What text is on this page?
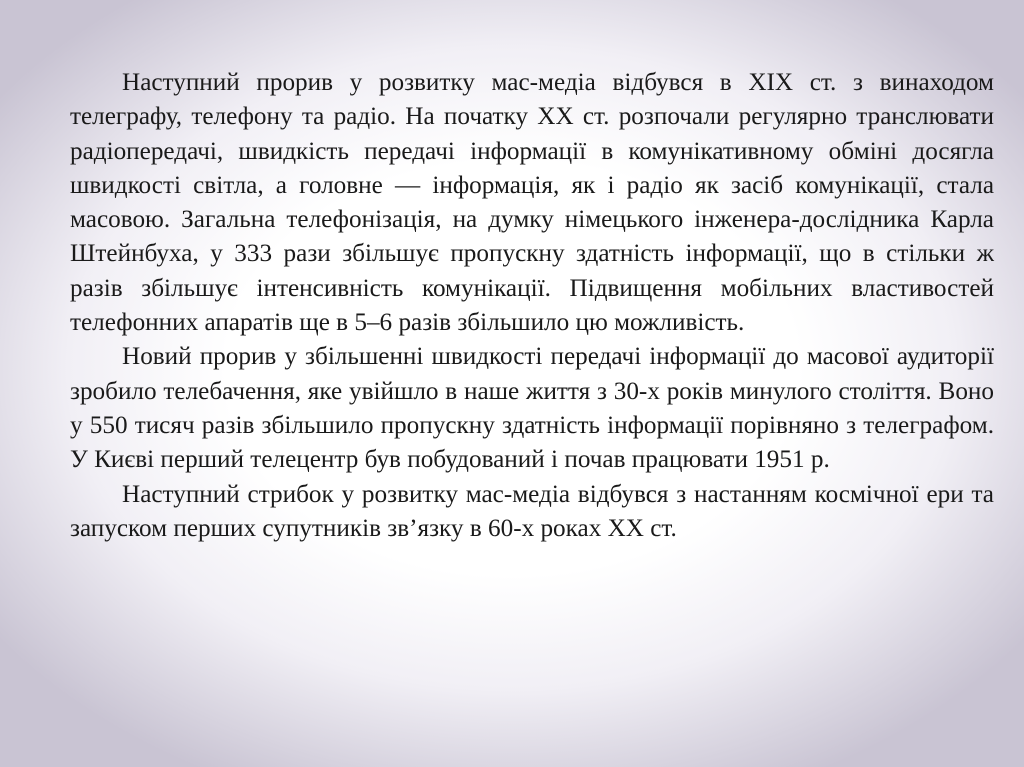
Наступний прорив у розвитку мас-медіа відбувся в ХІХ ст. з винаходом телеграфу, телефону та радіо. На початку ХХ ст. розпочали регулярно транслювати радіопередачі, швидкість передачі інформації в комунікативному обміні досягла швидкості світла, а головне — інформація, як і радіо як засіб комунікації, стала масовою. Загальна телефонізація, на думку німецького інженера-дослідника Карла Штейнбуха, у 333 рази збільшує пропускну здатність інформації, що в стільки ж разів збільшує інтенсивність комунікації. Підвищення мобільних властивостей телефонних апаратів ще в 5–6 разів збільшило цю можливість.

Новий прорив у збільшенні швидкості передачі інформації до масової аудиторії зробило телебачення, яке увійшло в наше життя з 30-х років минулого століття. Воно у 550 тисяч разів збільшило пропускну здатність інформації порівняно з телеграфом. У Києві перший телецентр був побудований і почав працювати 1951 р.

Наступний стрибок у розвитку мас-медіа відбувся з настанням космічної ери та запуском перших супутників зв’язку в 60-х роках ХХ ст.
